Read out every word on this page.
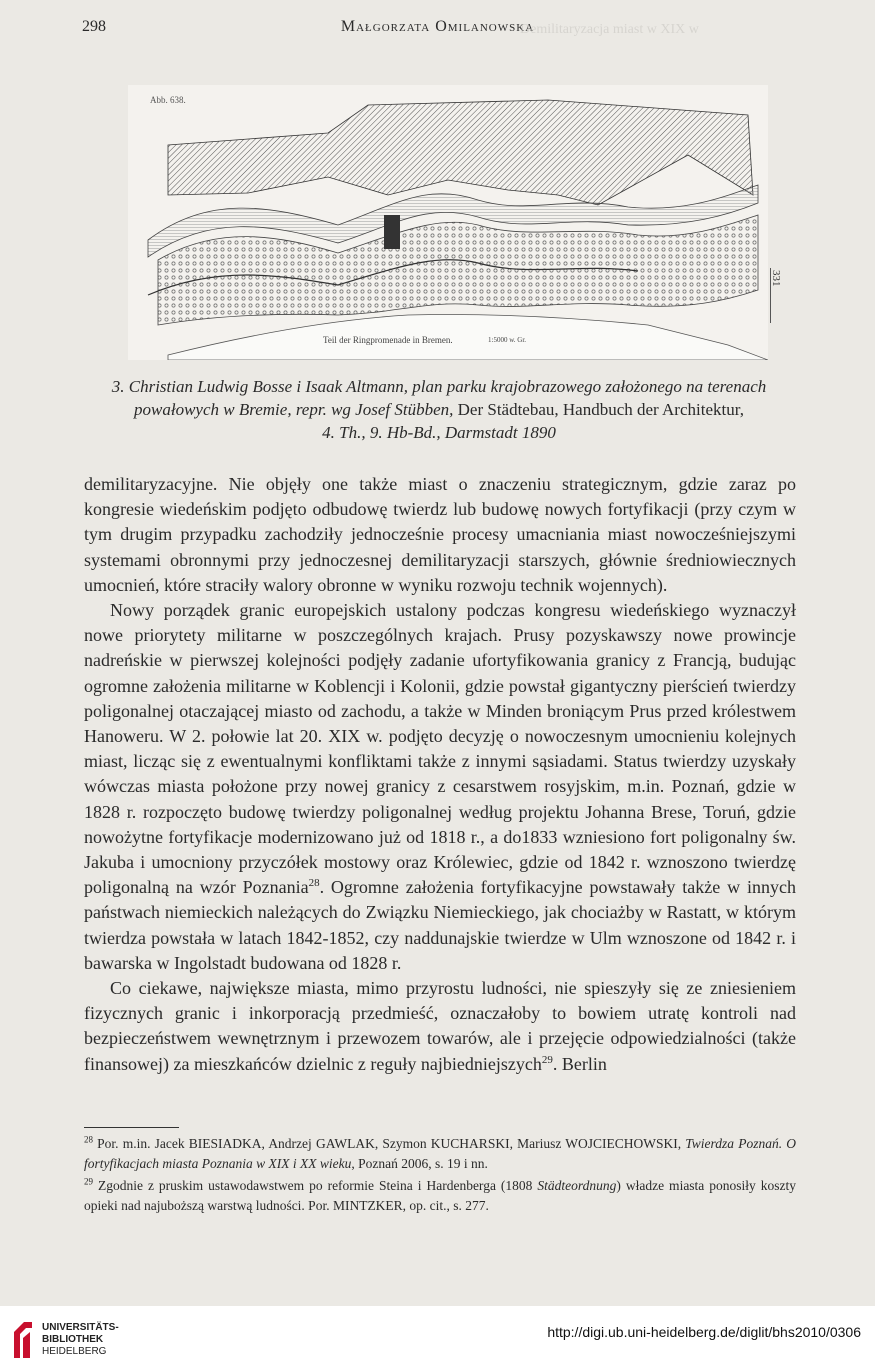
298	Małgorzata Omilanowska
Demilitaryzacja miast w XIX w
Abb. 638.
Teil der Ringpromenade in Bremen.	1:5000 w. Gr.
331
3. Christian Ludwig Bosse i Isaak Altmann, plan parku krajobrazowego założonego na terenach powałowych w Bremie, repr. wg Josef Stübben, Der Städtebau, Handbuch der Architektur,
4. Th., 9. Hb-Bd., Darmstadt 1890

demilitaryzacyjne. Nie objęły one także miast o znaczeniu strategicznym, gdzie zaraz po kongresie wiedeńskim podjęto odbudowę twierdz lub budowę nowych fortyfikacji (przy czym w tym drugim przypadku zachodziły jednocześnie procesy umacniania miast nowocześniejszymi systemami obronnymi przy jednoczesnej demilitaryzacji starszych, głównie średniowiecznych umocnień, które straciły walory obronne w wyniku rozwoju technik wojennych).

Nowy porządek granic europejskich ustalony podczas kongresu wiedeńskiego wyznaczył nowe priorytety militarne w poszczególnych krajach. Prusy pozyskawszy nowe prowincje nadreńskie w pierwszej kolejności podjęły zadanie ufortyfikowania granicy z Francją, budując ogromne założenia militarne w Koblencji i Kolonii, gdzie powstał gigantyczny pierścień twierdzy poligonalnej otaczającej miasto od zachodu, a także w Minden broniącym Prus przed królestwem Hanoweru. W 2. połowie lat 20. XIX w. podjęto decyzję o nowoczesnym umocnieniu kolejnych miast, licząc się z ewentualnymi konfliktami także z innymi sąsiadami. Status twierdzy uzyskały wówczas miasta położone przy nowej granicy z cesarstwem rosyjskim, m.in. Poznań, gdzie w 1828 r. rozpoczęto budowę twierdzy poligonalnej według projektu Johanna Brese, Toruń, gdzie nowożytne fortyfikacje modernizowano już od 1818 r., a do1833 wzniesiono fort poligonalny św. Jakuba i umocniony przyczółek mostowy oraz Królewiec, gdzie od 1842 r. wznoszono twierdzę poligonalną na wzór Poznania$^{28}$. Ogromne założenia fortyfikacyjne powstawały także w innych państwach niemieckich należących do Związku Niemieckiego, jak chociażby w Rastatt, w którym twierdza powstała w latach 1842-1852, czy naddunajskie twierdze w Ulm wznoszone od 1842 r. i bawarska w Ingolstadt budowana od 1828 r.

Co ciekawe, największe miasta, mimo przyrostu ludności, nie spieszyły się ze zniesieniem fizycznych granic i inkorporacją przedmieść, oznaczałoby to bowiem utratę kontroli nad bezpieczeństwem wewnętrznym i przewozem towarów, ale i przejęcie odpowiedzialności (także finansowej) za mieszkańców dzielnic z reguły najbiedniejszych$^{29}$. Berlin

$^{28}$ Por. m.in. Jacek BIESIADKA, Andrzej GAWLAK, Szymon KUCHARSKI, Mariusz WOJCIECHOWSKI, Twierdza Poznań. O fortyfikacjach miasta Poznania w XIX i XX wieku, Poznań 2006, s. 19 i nn.

$^{29}$ Zgodnie z pruskim ustawodawstwem po reformie Steina i Hardenberga (1808 Städteordnung) władze miasta ponosiły koszty opieki nad najuboższą warstwą ludności. Por. MINTZKER, op. cit., s. 277.

UNIVERSITÄTS-
BIBLIOTHEK
HEIDELBERG
http://digi.ub.uni-heidelberg.de/diglit/bhs2010/0306
